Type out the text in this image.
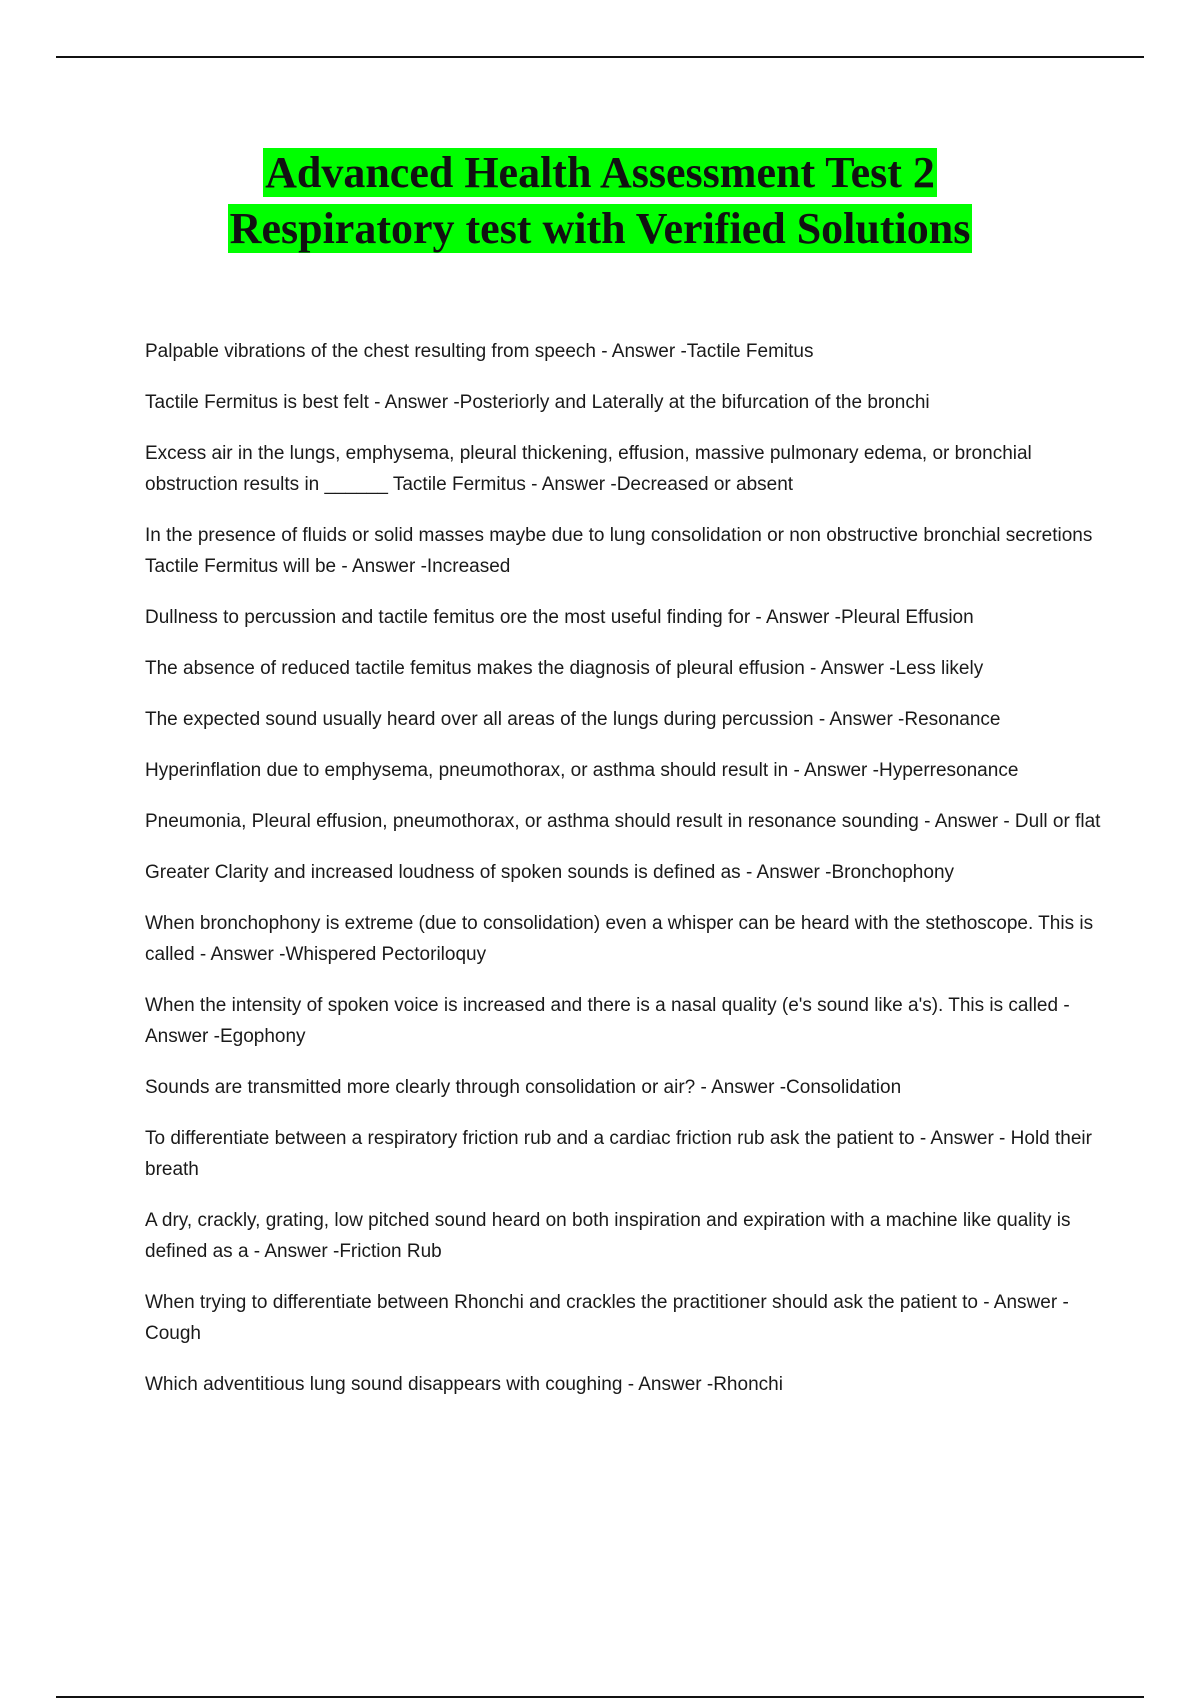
Advanced Health Assessment Test 2
Respiratory test with Verified Solutions
Palpable vibrations of the chest resulting from speech - Answer -Tactile Femitus
Tactile Fermitus is best felt - Answer -Posteriorly and Laterally at the bifurcation of the bronchi
Excess air in the lungs, emphysema, pleural thickening, effusion, massive pulmonary edema, or bronchial obstruction results in ______ Tactile Fermitus - Answer -Decreased or absent
In the presence of fluids or solid masses maybe due to lung consolidation or non obstructive bronchial secretions Tactile Fermitus will be - Answer -Increased
Dullness to percussion and tactile femitus ore the most useful finding for - Answer -Pleural Effusion
The absence of reduced tactile femitus makes the diagnosis of pleural effusion - Answer -Less likely
The expected sound usually heard over all areas of the lungs during percussion - Answer -Resonance
Hyperinflation due to emphysema, pneumothorax, or asthma should result in - Answer -Hyperresonance
Pneumonia, Pleural effusion, pneumothorax, or asthma should result in resonance sounding - Answer - Dull or flat
Greater Clarity and increased loudness of spoken sounds is defined as - Answer -Bronchophony
When bronchophony is extreme (due to consolidation) even a whisper can be heard with the stethoscope. This is called - Answer -Whispered Pectoriloquy
When the intensity of spoken voice is increased and there is a nasal quality (e's sound like a's). This is called - Answer -Egophony
Sounds are transmitted more clearly through consolidation or air? - Answer -Consolidation
To differentiate between a respiratory friction rub and a cardiac friction rub ask the patient to - Answer - Hold their breath
A dry, crackly, grating, low pitched sound heard on both inspiration and expiration with a machine like quality is defined as a - Answer -Friction Rub
When trying to differentiate between Rhonchi and crackles the practitioner should ask the patient to - Answer -Cough
Which adventitious lung sound disappears with coughing - Answer -Rhonchi
